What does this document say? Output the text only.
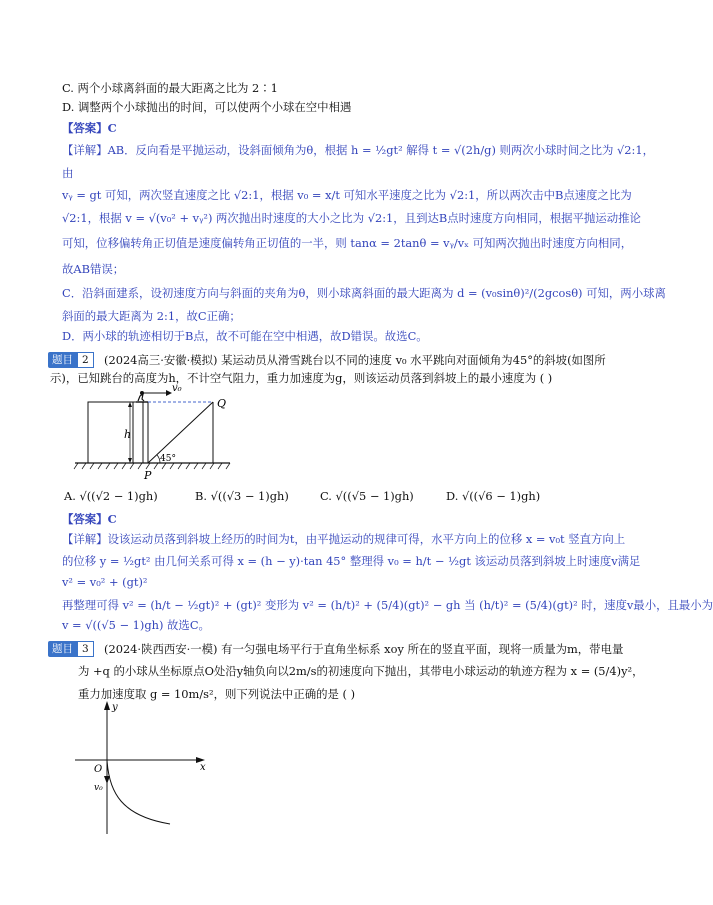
C. 两个小球离斜面的最大距离之比为 2∶1
D. 调整两个小球抛出的时间，可以使两个小球在空中相遇
【答案】C
【详解】AB．反向看是平抛运动，设斜面倾角为θ，根据 h = ½gt² 解得 t = √(2h/g) 则两次小球时间之比为 √2:1，
由
vᵧ = gt 可知，两次竖直速度之比 √2:1，根据 v₀ = x/t 可知水平速度之比为 √2:1，所以两次击中B点速度之比为
√2:1，根据 v = √(v₀² + vᵧ²) 两次抛出时速度的大小之比为 √2:1，且到达B点时速度方向相同，根据平抛运动推论
可知，位移偏转角正切值是速度偏转角正切值的一半，则 tanα = 2tanθ = vᵧ/vₓ 可知两次抛出时速度方向相同，
故AB错误；
C．沿斜面建系，设初速度方向与斜面的夹角为θ，则小球离斜面的最大距离为 d = (v₀sinθ)²/(2gcosθ) 可知，两小球离
斜面的最大距离为 2:1，故C正确；
D．两小球的轨迹相切于B点，故不可能在空中相遇，故D错误。故选C。
题目 2	(2024高三·安徽·模拟) 某运动员从滑雪跳台以不同的速度 v₀ 水平跳向对面倾角为45°的斜坡(如图所
示)，已知跳台的高度为h，不计空气阻力，重力加速度为g，则该运动员落到斜坡上的最小速度为 ( )
h
v₀
Q
P
45°
A. √((√2 − 1)gh)	B. √((√3 − 1)gh)	C. √((√5 − 1)gh)	D. √((√6 − 1)gh)
【答案】C
【详解】设该运动员落到斜坡上经历的时间为t，由平抛运动的规律可得，水平方向上的位移 x = v₀t 竖直方向上
的位移 y = ½gt² 由几何关系可得 x = (h − y)·tan 45° 整理得 v₀ = h/t − ½gt 该运动员落到斜坡上时速度v满足
v² = v₀² + (gt)²
再整理可得 v² = (h/t − ½gt)² + (gt)² 变形为 v² = (h/t)² + (5/4)(gt)² − gh 当 (h/t)² = (5/4)(gt)² 时，速度v最小，且最小为
v = √((√5 − 1)gh) 故选C。
题目 3	(2024·陕西西安·一模) 有一匀强电场平行于直角坐标系 xoy 所在的竖直平面，现将一质量为m，带电量
为 +q 的小球从坐标原点O处沿y轴负向以2m/s的初速度向下抛出，其带电小球运动的轨迹方程为 x = (5/4)y²，
重力加速度取 g = 10m/s²，则下列说法中正确的是 ( )
y
x
O
v₀
